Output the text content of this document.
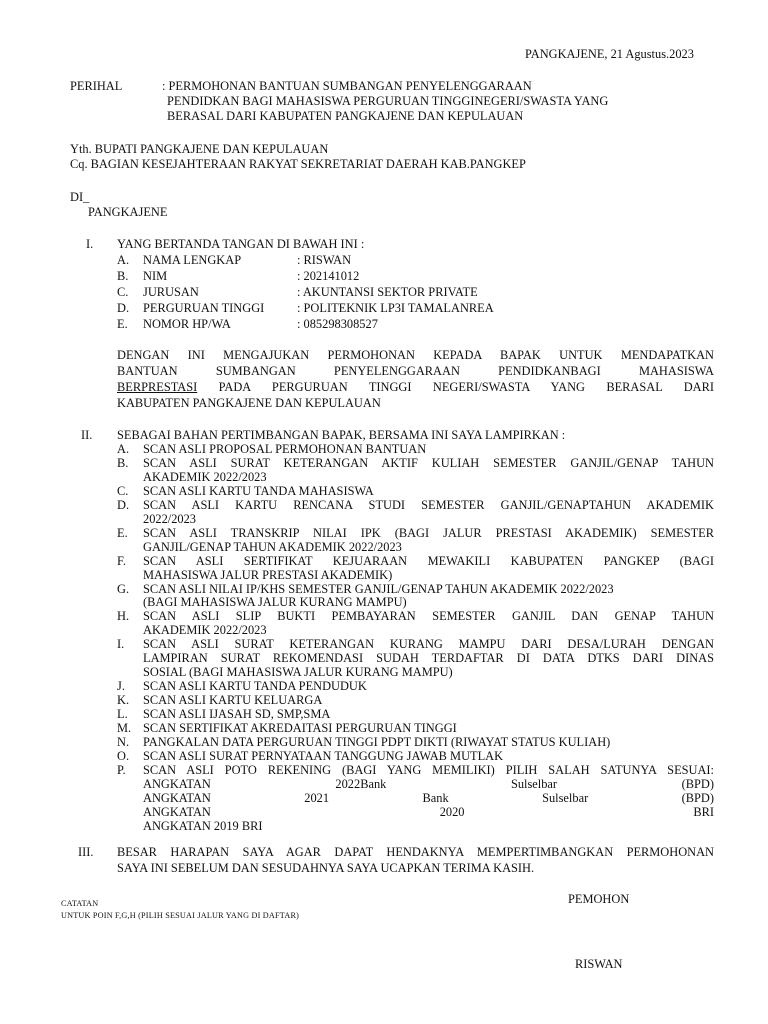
PANGKAJENE, 21 Agustus.2023
PERIHAL	: PERMOHONAN BANTUAN SUMBANGAN PENYELENGGARAAN
PENDIDKAN BAGI MAHASISWA PERGURUAN TINGGINEGERI/SWASTA YANG
BERASAL DARI KABUPATEN PANGKAJENE DAN KEPULAUAN
Yth. BUPATI PANGKAJENE DAN KEPULAUAN
Cq. BAGIAN KESEJAHTERAAN RAKYAT SEKRETARIAT DAERAH KAB.PANGKEP
DI_
PANGKAJENE
I. YANG BERTANDA TANGAN DI BAWAH INI :
A. NAMA LENGKAP	: RISWAN
B. NIM	: 202141012
C. JURUSAN	: AKUNTANSI SEKTOR PRIVATE
D. PERGURUAN TINGGI	: POLITEKNIK LP3I TAMALANREA
E. NOMOR HP/WA	: 085298308527
DENGAN INI MENGAJUKAN PERMOHONAN KEPADA BAPAK UNTUK MENDAPATKAN
BANTUAN SUMBANGAN PENYELENGGARAAN PENDIDKANBAGI MAHASISWA
BERPRESTASI PADA PERGURUAN TINGGI NEGERI/SWASTA YANG BERASAL DARI
KABUPATEN PANGKAJENE DAN KEPULAUAN
II. SEBAGAI BAHAN PERTIMBANGAN BAPAK, BERSAMA INI SAYA LAMPIRKAN :
A. SCAN ASLI PROPOSAL PERMOHONAN BANTUAN
B. SCAN ASLI SURAT KETERANGAN AKTIF KULIAH SEMESTER GANJIL/GENAP TAHUN
AKADEMIK 2022/2023
C. SCAN ASLI KARTU TANDA MAHASISWA
D. SCAN ASLI KARTU RENCANA STUDI SEMESTER GANJIL/GENAPTAHUN AKADEMIK
2022/2023
E. SCAN ASLI TRANSKRIP NILAI IPK (BAGI JALUR PRESTASI AKADEMIK) SEMESTER
GANJIL/GENAP TAHUN AKADEMIK 2022/2023
F. SCAN ASLI SERTIFIKAT KEJUARAAN MEWAKILI KABUPATEN PANGKEP (BAGI
MAHASISWA JALUR PRESTASI AKADEMIK)
G. SCAN ASLI NILAI IP/KHS SEMESTER GANJIL/GENAP TAHUN AKADEMIK 2022/2023
(BAGI MAHASISWA JALUR KURANG MAMPU)
H. SCAN ASLI SLIP BUKTI PEMBAYARAN SEMESTER GANJIL DAN GENAP TAHUN
AKADEMIK 2022/2023
I. SCAN ASLI SURAT KETERANGAN KURANG MAMPU DARI DESA/LURAH DENGAN
LAMPIRAN SURAT REKOMENDASI SUDAH TERDAFTAR DI DATA DTKS DARI DINAS
SOSIAL (BAGI MAHASISWA JALUR KURANG MAMPU)
J. SCAN ASLI KARTU TANDA PENDUDUK
K. SCAN ASLI KARTU KELUARGA
L. SCAN ASLI IJASAH SD, SMP,SMA
M. SCAN SERTIFIKAT AKREDAITASI PERGURUAN TINGGI
N. PANGKALAN DATA PERGURUAN TINGGI PDPT DIKTI (RIWAYAT STATUS KULIAH)
O. SCAN ASLI SURAT PERNYATAAN TANGGUNG JAWAB MUTLAK
P. SCAN ASLI POTO REKENING (BAGI YANG MEMILIKI) PILIH SALAH SATUNYA SESUAI:
ANGKATAN 2022Bank Sulselbar (BPD)
ANGKATAN 2021 Bank Sulselbar (BPD)
ANGKATAN 2020 BRI
ANGKATAN 2019 BRI
III. BESAR HARAPAN SAYA AGAR DAPAT HENDAKNYA MEMPERTIMBANGKAN PERMOHONAN
SAYA INI SEBELUM DAN SESUDAHNYA SAYA UCAPKAN TERIMA KASIH.
CATATAN
UNTUK POIN F,G,H (PILIH SESUAI JALUR YANG DI DAFTAR)
PEMOHON
RISWAN
